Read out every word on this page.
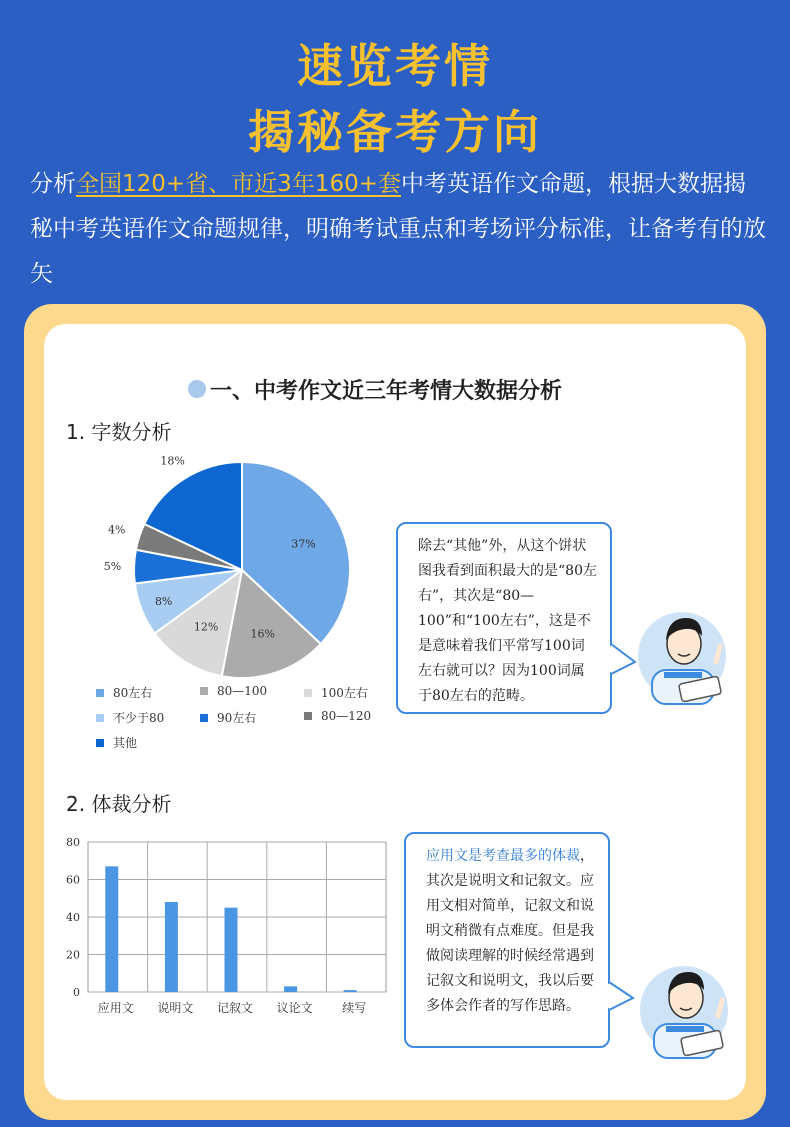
速览考情
揭秘备考方向
分析全国120+省、市近3年160+套中考英语作文命题，根据大数据揭秘中考英语作文命题规律，明确考试重点和考场评分标准，让备考有的放矢
一、中考作文近三年考情大数据分析
1. 字数分析
37%
16%
12%
8%
5%
4%
18%
80左右	80—100	100左右
不少于80	90左右	80—120
其他
除去“其他”外，从这个饼状图我看到面积最大的是“80左右”，其次是“80—100”和“100左右”，这是不是意味着我们平常写100词左右就可以？因为100词属于80左右的范畴。
2. 体裁分析
0
20
40
60
80
应用文 说明文 记叙文 议论文 续写
应用文是考查最多的体裁，其次是说明文和记叙文。应用文相对简单，记叙文和说明文稍微有点难度。但是我做阅读理解的时候经常遇到记叙文和说明文，我以后要多体会作者的写作思路。
